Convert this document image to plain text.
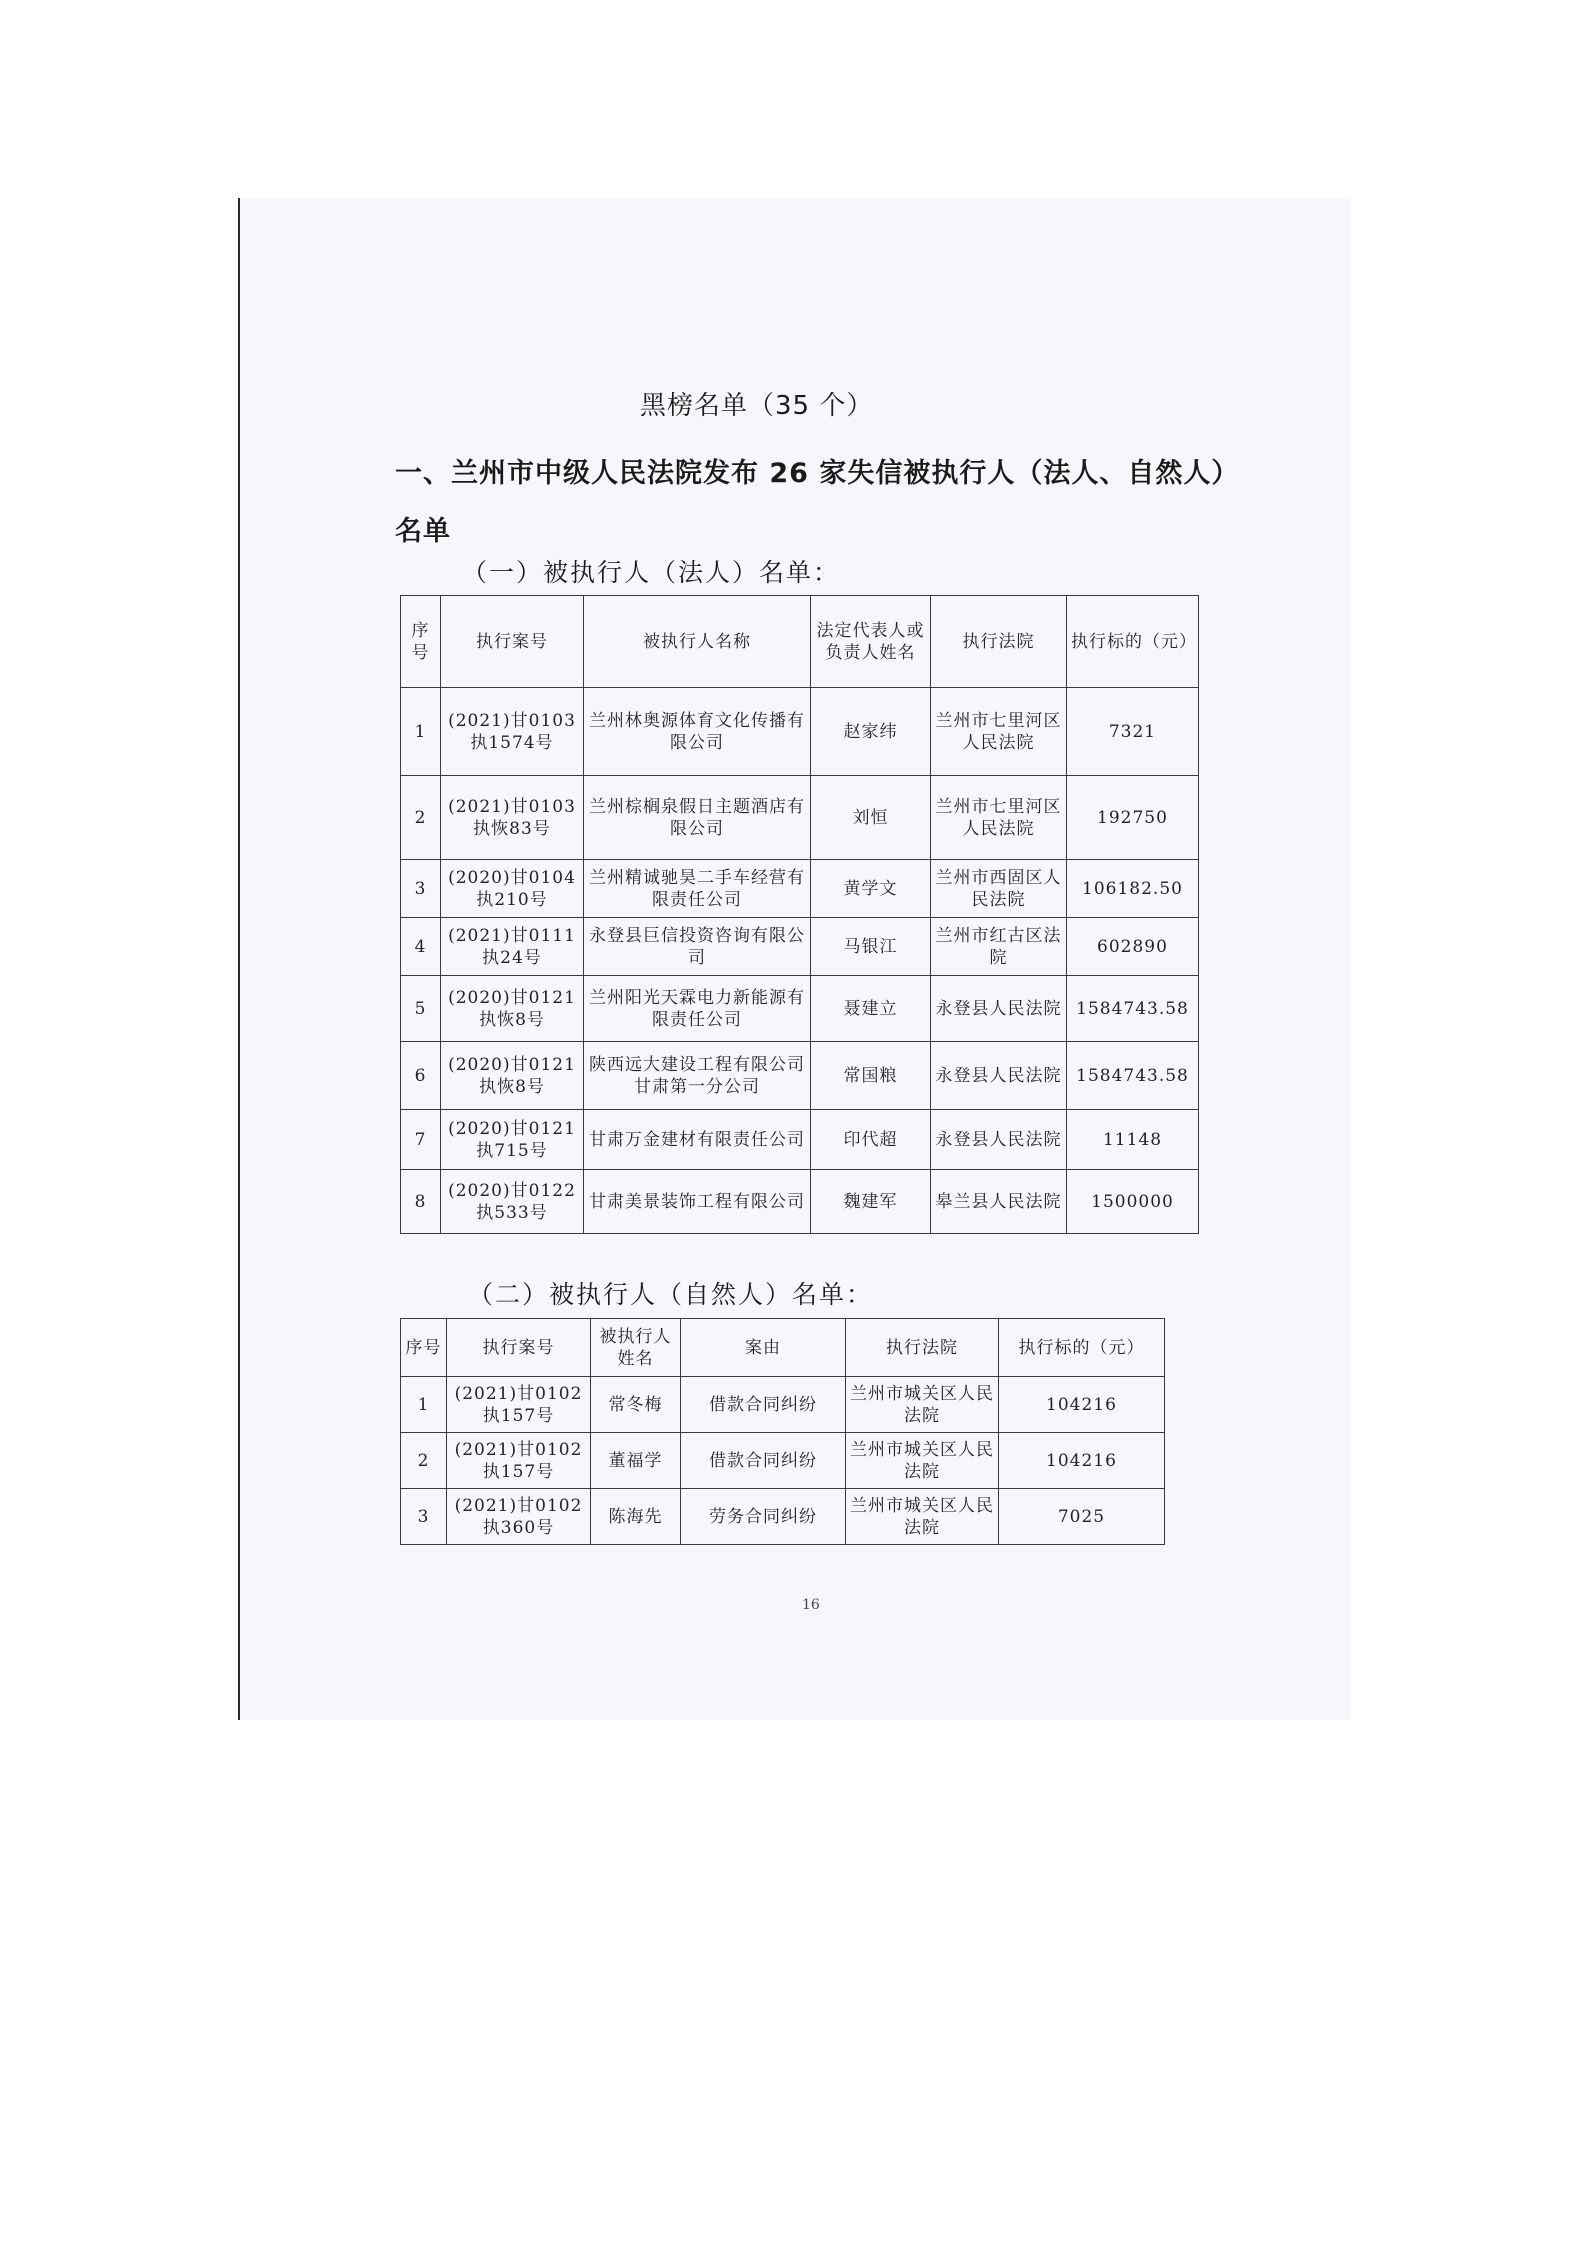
黑榜名单（35 个）
一、兰州市中级人民法院发布 26 家失信被执行人（法人、自然人）名单
（一）被执行人（法人）名单：
序号	执行案号	被执行人名称	法定代表人或负责人姓名	执行法院	执行标的（元）
1	(2021)甘0103执1574号	兰州林奥源体育文化传播有限公司	赵家纬	兰州市七里河区人民法院	7321
2	(2021)甘0103执恢83号	兰州棕榈泉假日主题酒店有限公司	刘恒	兰州市七里河区人民法院	192750
3	(2020)甘0104执210号	兰州精诚驰昊二手车经营有限责任公司	黄学文	兰州市西固区人民法院	106182.50
4	(2021)甘0111执24号	永登县巨信投资咨询有限公司	马银江	兰州市红古区法院	602890
5	(2020)甘0121执恢8号	兰州阳光天霖电力新能源有限责任公司	聂建立	永登县人民法院	1584743.58
6	(2020)甘0121执恢8号	陕西远大建设工程有限公司甘肃第一分公司	常国粮	永登县人民法院	1584743.58
7	(2020)甘0121执715号	甘肃万金建材有限责任公司	印代超	永登县人民法院	11148
8	(2020)甘0122执533号	甘肃美景装饰工程有限公司	魏建军	皋兰县人民法院	1500000
（二）被执行人（自然人）名单：
序号	执行案号	被执行人姓名	案由	执行法院	执行标的（元）
1	(2021)甘0102执157号	常冬梅	借款合同纠纷	兰州市城关区人民法院	104216
2	(2021)甘0102执157号	董福学	借款合同纠纷	兰州市城关区人民法院	104216
3	(2021)甘0102执360号	陈海先	劳务合同纠纷	兰州市城关区人民法院	7025
16
